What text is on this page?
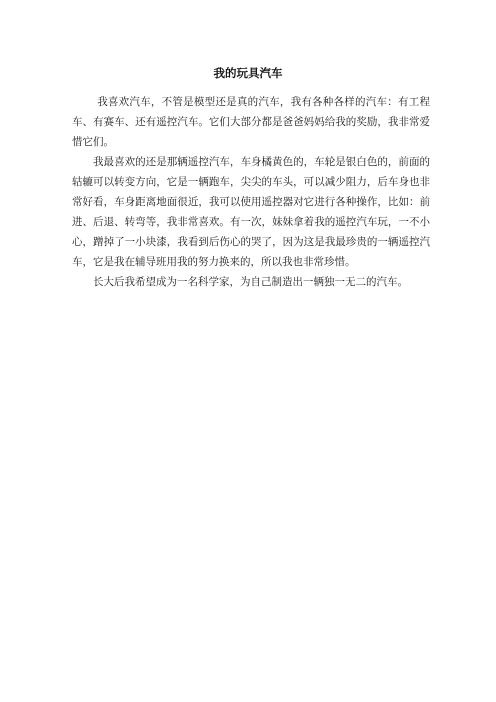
我的玩具汽车

我喜欢汽车，不管是模型还是真的汽车，我有各种各样的汽车：有工程车、有赛车、还有遥控汽车。它们大部分都是爸爸妈妈给我的奖励，我非常爱惜它们。

我最喜欢的还是那辆遥控汽车，车身橘黄色的，车轮是银白色的，前面的轱辘可以转变方向，它是一辆跑车，尖尖的车头，可以减少阻力，后车身也非常好看，车身距离地面很近，我可以使用遥控器对它进行各种操作，比如：前进、后退、转弯等，我非常喜欢。有一次，妹妹拿着我的遥控汽车玩，一不小心，蹭掉了一小块漆，我看到后伤心的哭了，因为这是我最珍贵的一辆遥控汽车，它是我在辅导班用我的努力换来的，所以我也非常珍惜。

长大后我希望成为一名科学家，为自己制造出一辆独一无二的汽车。
